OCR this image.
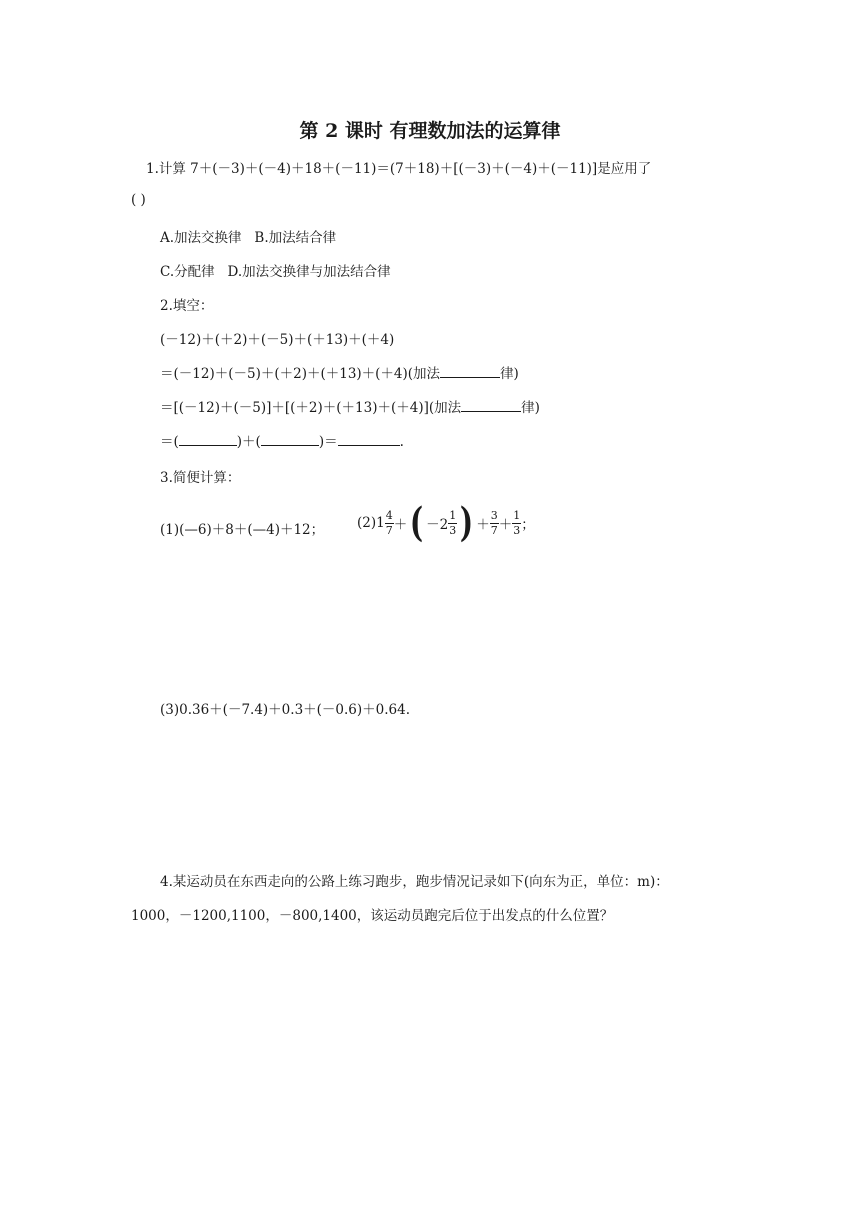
第 2 课时 有理数加法的运算律
1.计算 7＋(－3)＋(－4)＋18＋(－11)＝(7＋18)＋[(－3)＋(－4)＋(－11)]是应用了
( )
A.加法交换律 B.加法结合律
C.分配律 D.加法交换律与加法结合律
2.填空：
(－12)＋(＋2)＋(－5)＋(＋13)＋(＋4)
＝(－12)＋(－5)＋(＋2)＋(＋13)＋(＋4)(加法	律)
＝[(－12)＋(－5)]＋[(＋2)＋(＋13)＋(＋4)](加法	律)
＝(	)＋(	)＝	.
3.简便计算：
(1)(—6)＋8＋(—4)＋12； (2) $1 \frac{4}{7}$ ＋ ( $-2 \frac{1}{3}$ ) ＋ $\frac{3}{7} + \frac{1}{3}$ ；
(3)0.36＋(－7.4)＋0.3＋(－0.6)＋0.64.
4.某运动员在东西走向的公路上练习跑步，跑步情况记录如下(向东为正，单位：m)：
1000，－1200,1100，－800,1400，该运动员跑完后位于出发点的什么位置？
